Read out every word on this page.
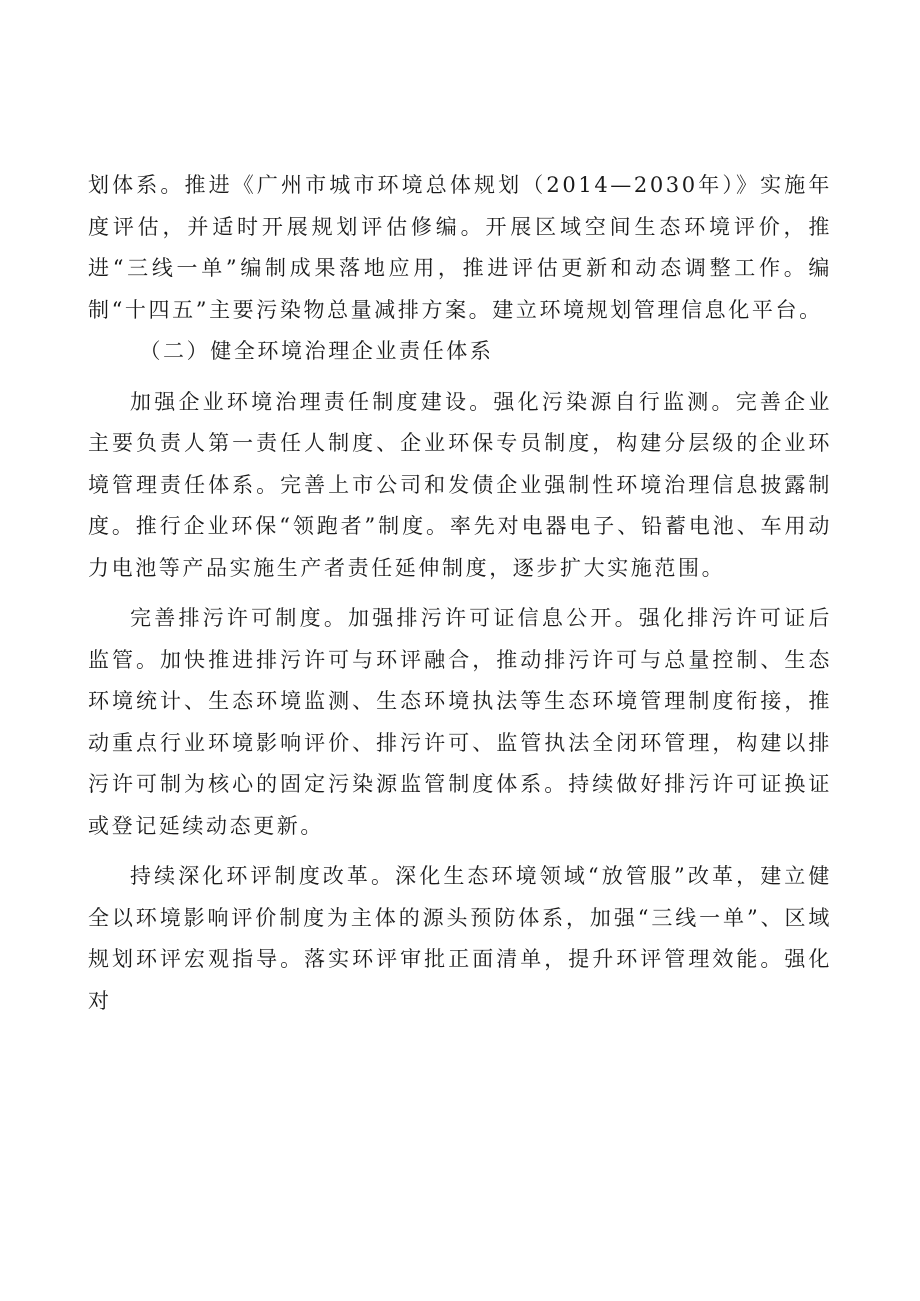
划体系。推进《广州市城市环境总体规划（2014—2030年）》实施年度评估，并适时开展规划评估修编。开展区域空间生态环境评价，推进“三线一单”编制成果落地应用，推进评估更新和动态调整工作。编制“十四五”主要污染物总量减排方案。建立环境规划管理信息化平台。

（二）健全环境治理企业责任体系

加强企业环境治理责任制度建设。强化污染源自行监测。完善企业主要负责人第一责任人制度、企业环保专员制度，构建分层级的企业环境管理责任体系。完善上市公司和发债企业强制性环境治理信息披露制度。推行企业环保“领跑者”制度。率先对电器电子、铅蓄电池、车用动力电池等产品实施生产者责任延伸制度，逐步扩大实施范围。

完善排污许可制度。加强排污许可证信息公开。强化排污许可证后监管。加快推进排污许可与环评融合，推动排污许可与总量控制、生态环境统计、生态环境监测、生态环境执法等生态环境管理制度衔接，推动重点行业环境影响评价、排污许可、监管执法全闭环管理，构建以排污许可制为核心的固定污染源监管制度体系。持续做好排污许可证换证或登记延续动态更新。

持续深化环评制度改革。深化生态环境领域“放管服”改革，建立健全以环境影响评价制度为主体的源头预防体系，加强“三线一单”、区域规划环评宏观指导。落实环评审批正面清单，提升环评管理效能。强化对
